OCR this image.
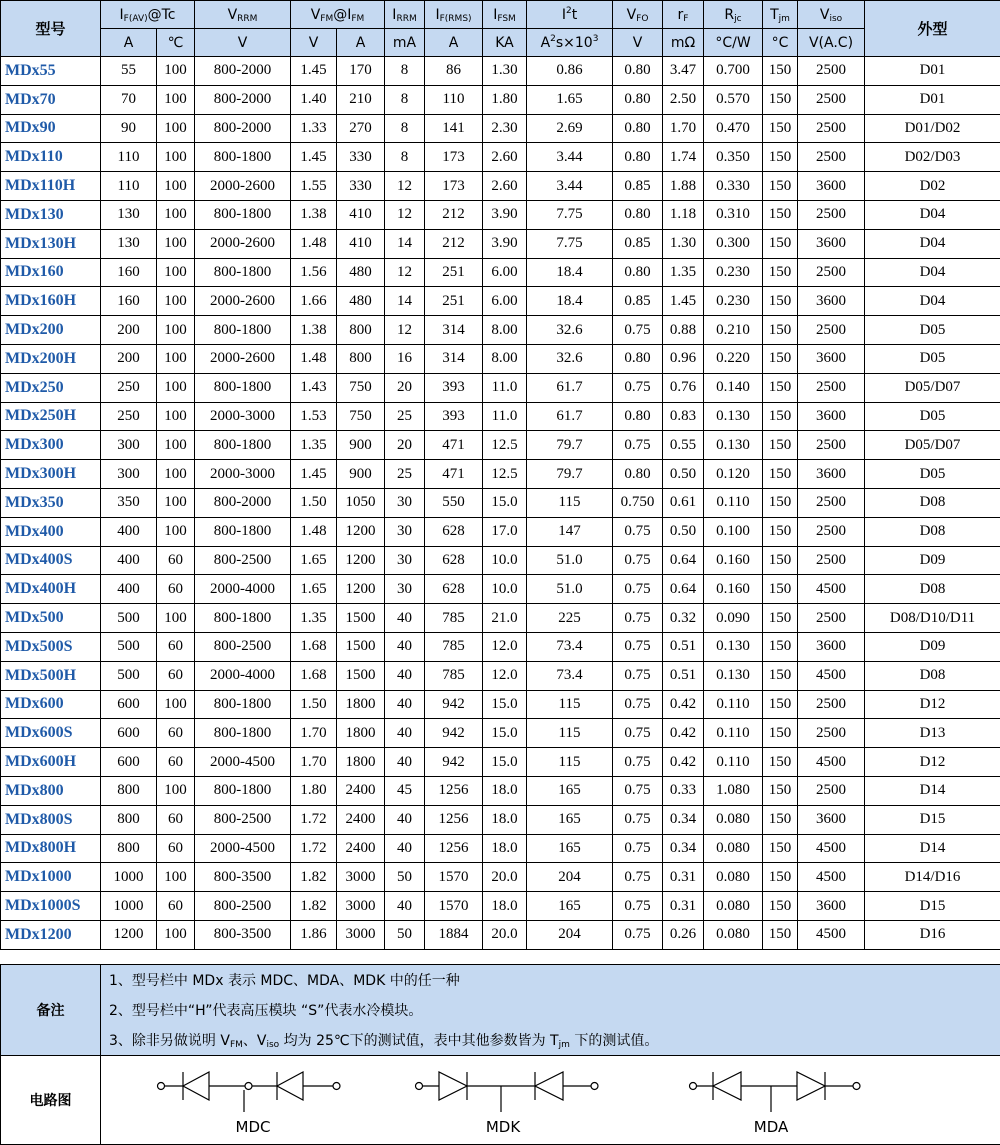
型号	$I_{F(AV)}@Tc$		$V_{RRM}$	$V_{FM}@I_{FM}$		$I_{RRM}$	$I_{F(RMS)}$	$I_{FSM}$	$I^2t$	$V_{FO}$	$r_F$	$R_{jc}$	$T_{jm}$	$V_{iso}$	外型
	A	℃	V	V	A	mA	A	KA	$A^2s\times 10^3$	V	mΩ	°C/W	°C	V(A.C)	
MDx55	55	100	800-2000	1.45	170	8	86	1.30	0.86	0.80	3.47	0.700	150	2500	D01
MDx70	70	100	800-2000	1.40	210	8	110	1.80	1.65	0.80	2.50	0.570	150	2500	D01
MDx90	90	100	800-2000	1.33	270	8	141	2.30	2.69	0.80	1.70	0.470	150	2500	D01/D02
MDx110	110	100	800-1800	1.45	330	8	173	2.60	3.44	0.80	1.74	0.350	150	2500	D02/D03
MDx110H	110	100	2000-2600	1.55	330	12	173	2.60	3.44	0.85	1.88	0.330	150	3600	D02
MDx130	130	100	800-1800	1.38	410	12	212	3.90	7.75	0.80	1.18	0.310	150	2500	D04
MDx130H	130	100	2000-2600	1.48	410	14	212	3.90	7.75	0.85	1.30	0.300	150	3600	D04
MDx160	160	100	800-1800	1.56	480	12	251	6.00	18.4	0.80	1.35	0.230	150	2500	D04
MDx160H	160	100	2000-2600	1.66	480	14	251	6.00	18.4	0.85	1.45	0.230	150	3600	D04
MDx200	200	100	800-1800	1.38	800	12	314	8.00	32.6	0.75	0.88	0.210	150	2500	D05
MDx200H	200	100	2000-2600	1.48	800	16	314	8.00	32.6	0.80	0.96	0.220	150	3600	D05
MDx250	250	100	800-1800	1.43	750	20	393	11.0	61.7	0.75	0.76	0.140	150	2500	D05/D07
MDx250H	250	100	2000-3000	1.53	750	25	393	11.0	61.7	0.80	0.83	0.130	150	3600	D05
MDx300	300	100	800-1800	1.35	900	20	471	12.5	79.7	0.75	0.55	0.130	150	2500	D05/D07
MDx300H	300	100	2000-3000	1.45	900	25	471	12.5	79.7	0.80	0.50	0.120	150	3600	D05
MDx350	350	100	800-2000	1.50	1050	30	550	15.0	115	0.750	0.61	0.110	150	2500	D08
MDx400	400	100	800-1800	1.48	1200	30	628	17.0	147	0.75	0.50	0.100	150	2500	D08
MDx400S	400	60	800-2500	1.65	1200	30	628	10.0	51.0	0.75	0.64	0.160	150	2500	D09
MDx400H	400	60	2000-4000	1.65	1200	30	628	10.0	51.0	0.75	0.64	0.160	150	4500	D08
MDx500	500	100	800-1800	1.35	1500	40	785	21.0	225	0.75	0.32	0.090	150	2500	D08/D10/D11
MDx500S	500	60	800-2500	1.68	1500	40	785	12.0	73.4	0.75	0.51	0.130	150	3600	D09
MDx500H	500	60	2000-4000	1.68	1500	40	785	12.0	73.4	0.75	0.51	0.130	150	4500	D08
MDx600	600	100	800-1800	1.50	1800	40	942	15.0	115	0.75	0.42	0.110	150	2500	D12
MDx600S	600	60	800-1800	1.70	1800	40	942	15.0	115	0.75	0.42	0.110	150	2500	D13
MDx600H	600	60	2000-4500	1.70	1800	40	942	15.0	115	0.75	0.42	0.110	150	4500	D12
MDx800	800	100	800-1800	1.80	2400	45	1256	18.0	165	0.75	0.33	1.080	150	2500	D14
MDx800S	800	60	800-2500	1.72	2400	40	1256	18.0	165	0.75	0.34	0.080	150	3600	D15
MDx800H	800	60	2000-4500	1.72	2400	40	1256	18.0	165	0.75	0.34	0.080	150	4500	D14
MDx1000	1000	100	800-3500	1.82	3000	50	1570	20.0	204	0.75	0.31	0.080	150	4500	D14/D16
MDx1000S	1000	60	800-2500	1.82	3000	40	1570	18.0	165	0.75	0.31	0.080	150	3600	D15
MDx1200	1200	100	800-3500	1.86	3000	50	1884	20.0	204	0.75	0.26	0.080	150	4500	D16
备注	1、型号栏中 MDx 表示 MDC、MDA、MDK 中的任一种
2、型号栏中“H”代表高压模块 “S”代表水冷模块。
3、除非另做说明 $V_{FM}$、$V_{iso}$ 均为 25℃下的测试值，表中其他参数皆为 $T_{jm}$ 下的测试值。

电路图	MDC MDK MDA
